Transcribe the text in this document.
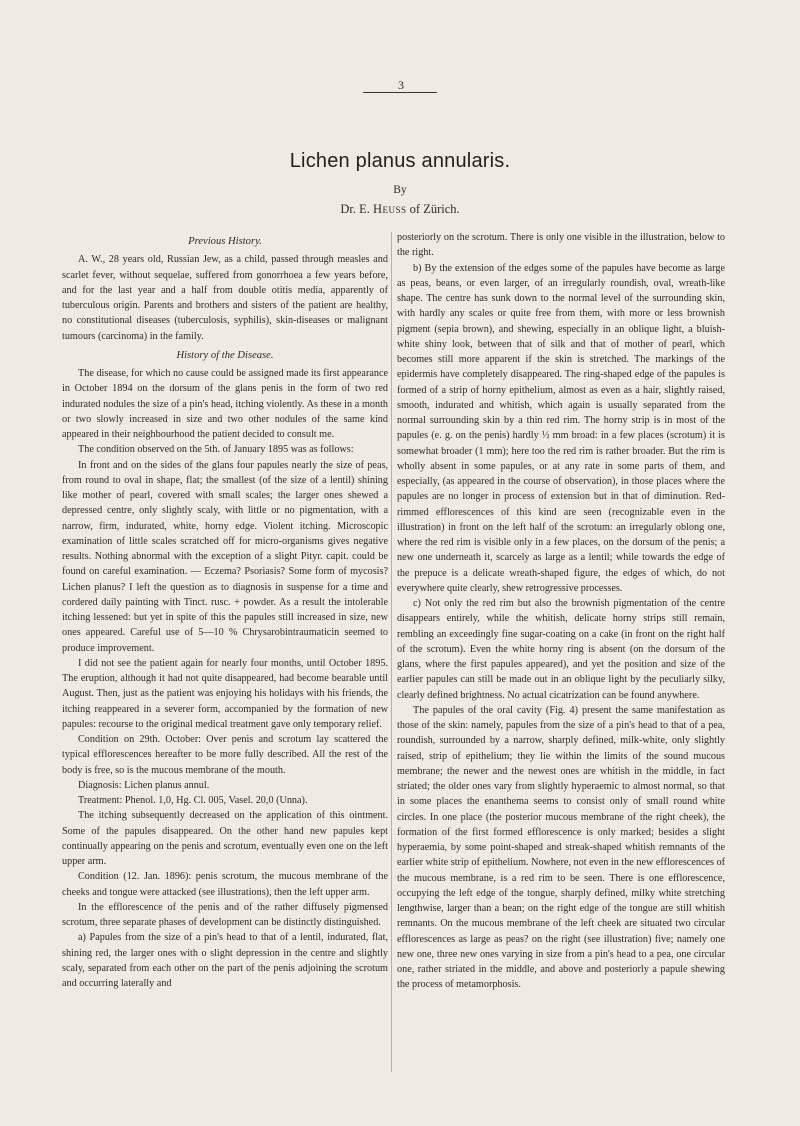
3
Lichen planus annularis.
By
Dr. E. Heuss of Zürich.

Previous History.

A. W., 28 years old, Russian Jew, as a child, passed through measles and scarlet fever, without sequelae, suffered from gonorrhoea a few years before, and for the last year and a half from double otitis media, apparently of tuberculous origin. Parents and brothers and sisters of the patient are healthy, no constitutional diseases (tuberculosis, syphilis), skin-diseases or malignant tumours (carcinoma) in the family.

History of the Disease.

The disease, for which no cause could be assigned made its first appearance in October 1894 on the dorsum of the glans penis in the form of two red indurated nodules the size of a pin's head, itching violently. As these in a month or two slowly increased in size and two other nodules of the same kind appeared in their neighbourhood the patient decided to consult me.

The condition observed on the 5th. of January 1895 was as follows:

In front and on the sides of the glans four papules nearly the size of peas, from round to oval in shape, flat; the smallest (of the size of a lentil) shining like mother of pearl, covered with small scales; the larger ones shewed a depressed centre, only slightly scaly, with little or no pigmentation, with a narrow, firm, indurated, white, horny edge. Violent itching. Microscopic examination of little scales scratched off for micro-organisms gives negative results. Nothing abnormal with the exception of a slight Pityr. capit. could be found on careful examination. — Eczema? Psoriasis? Some form of mycosis? Lichen planus? I left the question as to diagnosis in suspense for a time and cordered daily painting with Tinct. rusc. + powder. As a result the intolerable itching lessened: but yet in spite of this the papules still increased in size, new ones appeared. Careful use of 5—10 % Chrysarobintraumaticin seemed to produce improvement.

I did not see the patient again for nearly four months, until October 1895. The eruption, although it had not quite disappeared, had become bearable until August. Then, just as the patient was enjoying his holidays with his friends, the itching reappeared in a severer form, accompanied by the formation of new papules: recourse to the original medical treatment gave only temporary relief.

Condition on 29th. October: Over penis and scrotum lay scattered the typical efflorescences hereafter to be more fully described. All the rest of the body is free, so is the mucous membrane of the mouth.

Diagnosis: Lichen planus annul.

Treatment: Phenol. 1,0, Hg. Cl. 005, Vasel. 20,0 (Unna).

The itching subsequently decreased on the application of this ointment. Some of the papules disappeared. On the other hand new papules kept continually appearing on the penis and scrotum, eventually even one on the left upper arm.

Condition (12. Jan. 1896): penis scrotum, the mucous membrane of the cheeks and tongue were attacked (see illustrations), then the left upper arm.

In the efflorescence of the penis and of the rather diffusely pigmensed scrotum, three separate phases of development can be distinctly distinguished.

a) Papules from the size of a pin's head to that of a lentil, indurated, flat, shining red, the larger ones with o slight depression in the centre and slightly scaly, separated from each other on the part of the penis adjoining the scrotum and occurring laterally and

posteriorly on the scrotum. There is only one visible in the illustration, below to the right.

b) By the extension of the edges some of the papules have become as large as peas, beans, or even larger, of an irregularly roundish, oval, wreath-like shape. The centre has sunk down to the normal level of the surrounding skin, with hardly any scales or quite free from them, with more or less brownish pigment (sepia brown), and shewing, especially in an oblique light, a bluish-white shiny look, between that of silk and that of mother of pearl, which becomes still more apparent if the skin is stretched. The markings of the epidermis have completely disappeared. The ring-shaped edge of the papules is formed of a strip of horny epithelium, almost as even as a hair, slightly raised, smooth, indurated and whitish, which again is usually separated from the normal surrounding skin by a thin red rim. The horny strip is in most of the papules (e. g. on the penis) hardly ½ mm broad: in a few places (scrotum) it is somewhat broader (1 mm); here too the red rim is rather broader. But the rim is wholly absent in some papules, or at any rate in some parts of them, and especially, (as appeared in the course of observation), in those places where the papules are no longer in process of extension but in that of diminution. Red-rimmed efflorescences of this kind are seen (recognizable even in the illustration) in front on the left half of the scrotum: an irregularly oblong one, where the red rim is visible only in a few places, on the dorsum of the penis; a new one underneath it, scarcely as large as a lentil; while towards the edge of the prepuce is a delicate wreath-shaped figure, the edges of which, do not everywhere quite clearly, shew retrogressive processes.

c) Not only the red rim but also the brownish pigmentation of the centre disappears entirely, while the whitish, delicate horny strips still remain, rembling an exceedingly fine sugar-coating on a cake (in front on the right half of the scrotum). Even the white horny ring is absent (on the dorsum of the glans, where the first papules appeared), and yet the position and size of the earlier papules can still be made out in an oblique light by the peculiarly silky, clearly defined brightness. No actual cicatrization can be found anywhere.

The papules of the oral cavity (Fig. 4) present the same manifestation as those of the skin: namely, papules from the size of a pin's head to that of a pea, roundish, surrounded by a narrow, sharply defined, milk-white, only slightly raised, strip of epithelium; they lie within the limits of the sound mucous membrane; the newer and the newest ones are whitish in the middle, in fact striated; the older ones vary from slightly hyperaemic to almost normal, so that in some places the enanthema seems to consist only of small round white circles. In one place (the posterior mucous membrane of the right cheek), the formation of the first formed efflorescence is only marked; besides a slight hyperaemia, by some point-shaped and streak-shaped whitish remnants of the earlier white strip of epithelium. Nowhere, not even in the new efflorescences of the mucous membrane, is a red rim to be seen. There is one efflorescence, occupying the left edge of the tongue, sharply defined, milky white stretching lengthwise, larger than a bean; on the right edge of the tongue are still whitish remnants. On the mucous membrane of the left cheek are situated two circular efflorescences as large as peas? on the right (see illustration) five; namely one new one, three new ones varying in size from a pin's head to a pea, one circular one, rather striated in the middle, and above and posteriorly a papule shewing the process of metamorphosis.
